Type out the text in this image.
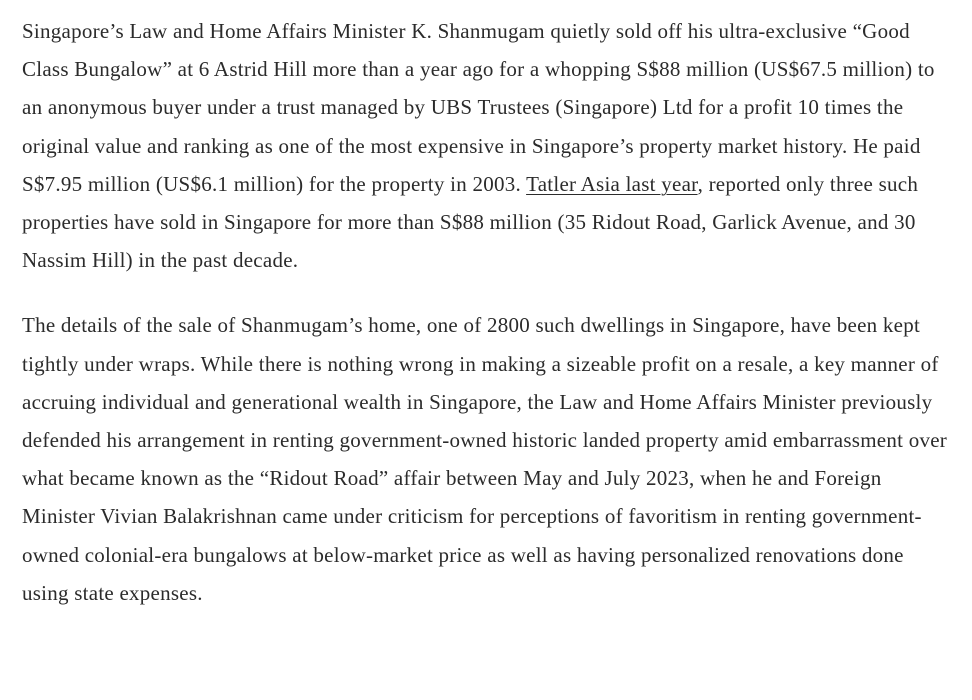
Singapore’s Law and Home Affairs Minister K. Shanmugam quietly sold off his ultra-exclusive “Good Class Bungalow” at 6 Astrid Hill more than a year ago for a whopping S$88 million (US$67.5 million) to an anonymous buyer under a trust managed by UBS Trustees (Singapore) Ltd for a profit 10 times the original value and ranking as one of the most expensive in Singapore’s property market history. He paid S$7.95 million (US$6.1 million) for the property in 2003. Tatler Asia last year, reported only three such properties have sold in Singapore for more than S$88 million (35 Ridout Road, Garlick Avenue, and 30 Nassim Hill) in the past decade.

The details of the sale of Shanmugam’s home, one of 2800 such dwellings in Singapore, have been kept tightly under wraps. While there is nothing wrong in making a sizeable profit on a resale, a key manner of accruing individual and generational wealth in Singapore, the Law and Home Affairs Minister previously defended his arrangement in renting government-owned historic landed property amid embarrassment over what became known as the “Ridout Road” affair between May and July 2023, when he and Foreign Minister Vivian Balakrishnan came under criticism for perceptions of favoritism in renting government-owned colonial-era bungalows at below-market price as well as having personalized renovations done using state expenses.
